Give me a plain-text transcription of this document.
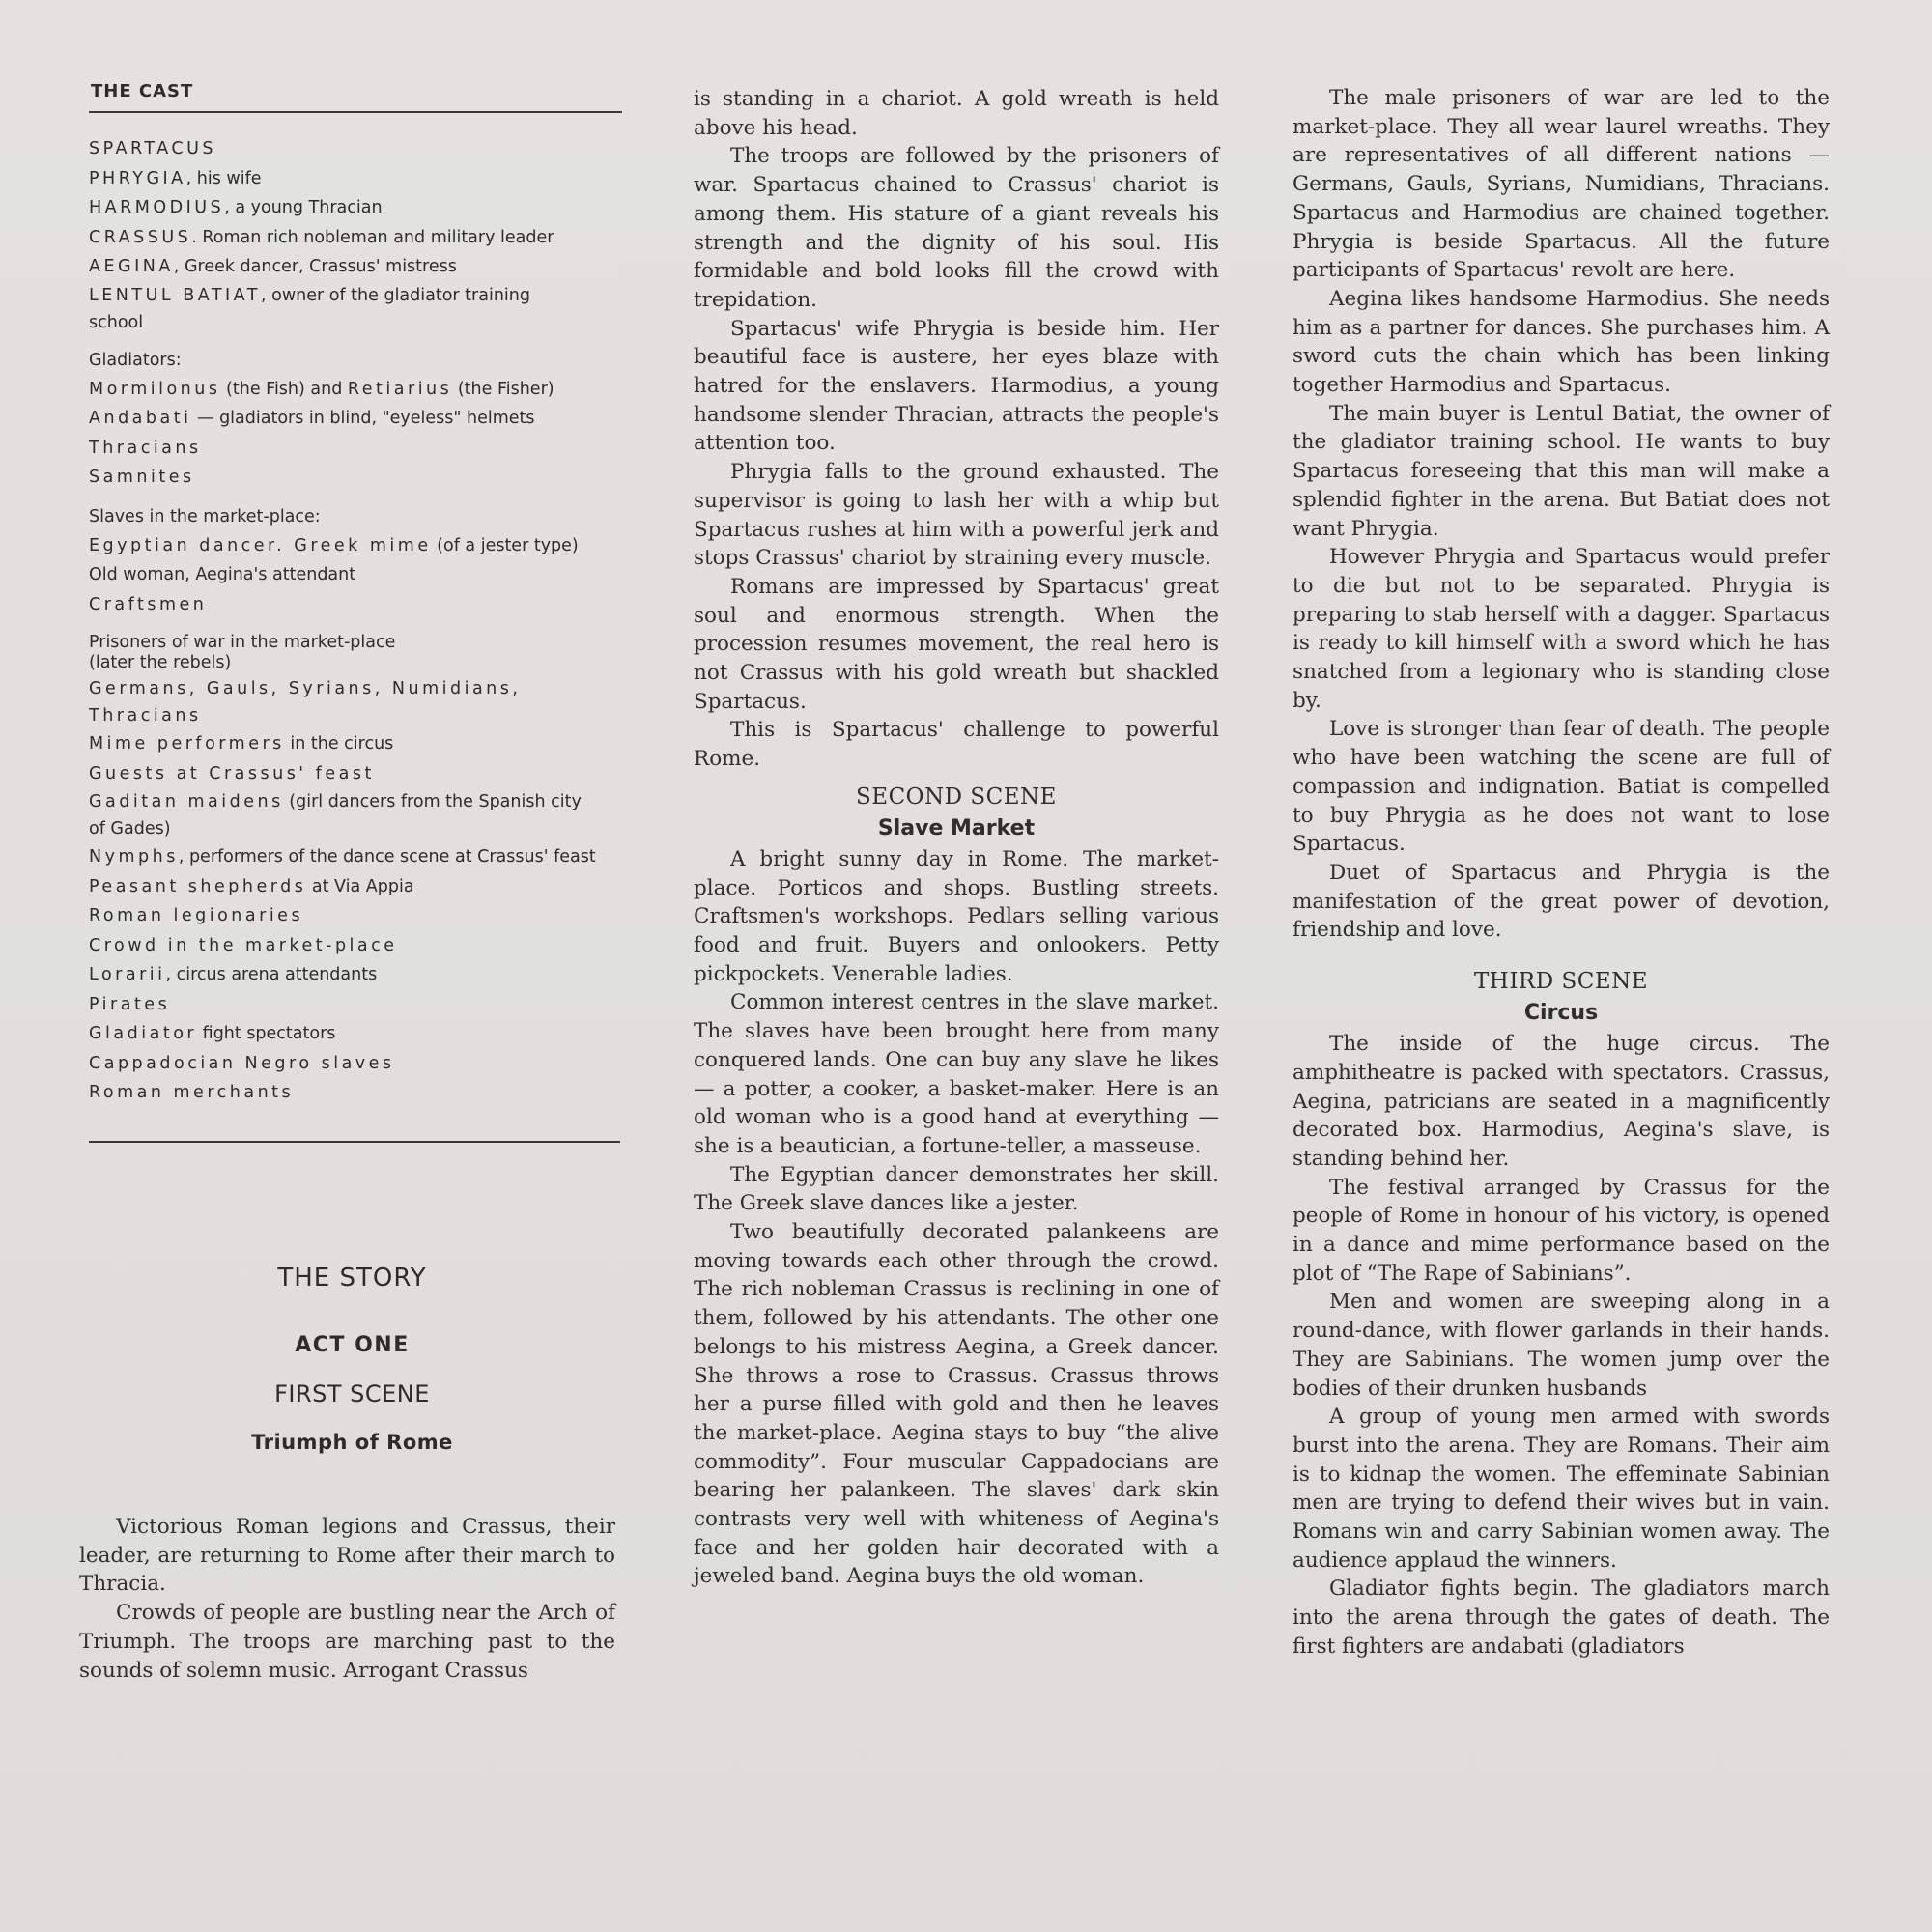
THE CAST
SPARTACUS
PHRYGIA, his wife
HARMODIUS, a young Thracian
CRASSUS. Roman rich nobleman and military leader
AEGINA, Greek dancer, Crassus' mistress
LENTUL BATIAT, owner of the gladiator training school
Gladiators:
Mormilonus (the Fish) and Retiarius (the Fisher)
Andabati — gladiators in blind, "eyeless" helmets
Thracians
Samnites
Slaves in the market-place:
Egyptian dancer. Greek mime (of a jester type)
Old woman, Aegina's attendant
Craftsmen
Prisoners of war in the market-place (later the rebels)
Germans, Gauls, Syrians, Numidians, Thracians
Mime performers in the circus
Guests at Crassus' feast
Gaditan maidens (girl dancers from the Spanish city of Gades)
Nymphs, performers of the dance scene at Crassus' feast
Peasant shepherds at Via Appia
Roman legionaries
Crowd in the market-place
Lorarii, circus arena attendants
Pirates
Gladiator fight spectators
Cappadocian Negro slaves
Roman merchants
THE STORY
ACT ONE
FIRST SCENE
Triumph of Rome

Victorious Roman legions and Crassus, their leader, are returning to Rome after their march to Thracia.

Crowds of people are bustling near the Arch of Triumph. The troops are marching past to the sounds of solemn music. Arrogant Crassus

is standing in a chariot. A gold wreath is held above his head.

The troops are followed by the prisoners of war. Spartacus chained to Crassus' chariot is among them. His stature of a giant reveals his strength and the dignity of his soul. His formidable and bold looks fill the crowd with trepidation.

Spartacus' wife Phrygia is beside him. Her beautiful face is austere, her eyes blaze with hatred for the enslavers. Harmodius, a young handsome slender Thracian, attracts the people's attention too.

Phrygia falls to the ground exhausted. The supervisor is going to lash her with a whip but Spartacus rushes at him with a powerful jerk and stops Crassus' chariot by straining every muscle.

Romans are impressed by Spartacus' great soul and enormous strength. When the procession resumes movement, the real hero is not Crassus with his gold wreath but shackled Spartacus.

This is Spartacus' challenge to powerful Rome.

SECOND SCENE
Slave Market

A bright sunny day in Rome. The market-place. Porticos and shops. Bustling streets. Craftsmen's workshops. Pedlars selling various food and fruit. Buyers and onlookers. Petty pickpockets. Venerable ladies.

Common interest centres in the slave market. The slaves have been brought here from many conquered lands. One can buy any slave he likes — a potter, a cooker, a basket-maker. Here is an old woman who is a good hand at everything — she is a beautician, a fortune-teller, a masseuse.

The Egyptian dancer demonstrates her skill. The Greek slave dances like a jester.

Two beautifully decorated palankeens are moving towards each other through the crowd. The rich nobleman Crassus is reclining in one of them, followed by his attendants. The other one belongs to his mistress Aegina, a Greek dancer. She throws a rose to Crassus. Crassus throws her a purse filled with gold and then he leaves the market-place. Aegina stays to buy “the alive commodity”. Four muscular Cappadocians are bearing her palankeen. The slaves' dark skin contrasts very well with whiteness of Aegina's face and her golden hair decorated with a jeweled band. Aegina buys the old woman.

The male prisoners of war are led to the market-place. They all wear laurel wreaths. They are representatives of all different nations — Germans, Gauls, Syrians, Numidians, Thracians. Spartacus and Harmodius are chained together. Phrygia is beside Spartacus. All the future participants of Spartacus' revolt are here.

Aegina likes handsome Harmodius. She needs him as a partner for dances. She purchases him. A sword cuts the chain which has been linking together Harmodius and Spartacus.

The main buyer is Lentul Batiat, the owner of the gladiator training school. He wants to buy Spartacus foreseeing that this man will make a splendid fighter in the arena. But Batiat does not want Phrygia.

However Phrygia and Spartacus would prefer to die but not to be separated. Phrygia is preparing to stab herself with a dagger. Spartacus is ready to kill himself with a sword which he has snatched from a legionary who is standing close by.

Love is stronger than fear of death. The people who have been watching the scene are full of compassion and indignation. Batiat is compelled to buy Phrygia as he does not want to lose Spartacus.

Duet of Spartacus and Phrygia is the manifestation of the great power of devotion, friendship and love.

THIRD SCENE
Circus

The inside of the huge circus. The amphitheatre is packed with spectators. Crassus, Aegina, patricians are seated in a magnificently decorated box. Harmodius, Aegina's slave, is standing behind her.

The festival arranged by Crassus for the people of Rome in honour of his victory, is opened in a dance and mime performance based on the plot of “The Rape of Sabinians”.

Men and women are sweeping along in a round-dance, with flower garlands in their hands. They are Sabinians. The women jump over the bodies of their drunken husbands

A group of young men armed with swords burst into the arena. They are Romans. Their aim is to kidnap the women. The effeminate Sabinian men are trying to defend their wives but in vain. Romans win and carry Sabinian women away. The audience applaud the winners.

Gladiator fights begin. The gladiators march into the arena through the gates of death. The first fighters are andabati (gladiators
